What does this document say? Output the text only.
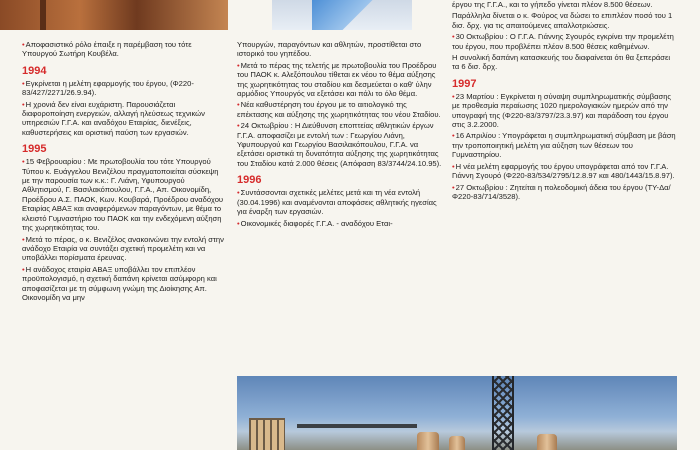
• Αποφασιστικό ρόλο έπαιξε η παρέμβαση του τότε Υπουργού Σωτήρη Κουβέλα.

1994

• Εγκρίνεται η μελέτη εφαρμογής του έργου, (Φ220-83/427/2271/26.9.94).

• Η χρονιά δεν είναι ευχάριστη. Παρουσιάζεται διαφοροποίηση ενεργειών, αλλαγή ηλεύσεως τεχνικών υπηρεσιών Γ.Γ.Α. και αναδόχου Εταιρίας, διενέξεις, καθυστερήσεις και οριστική παύση των εργασιών.

1995

• 15 Φεβρουαρίου : Με πρωτοβουλία του τότε Υπουργού Τύπου κ. Ευάγγελου Βενιζέλου πραγματοποιείται σύσκεψη με την παρουσία των κ.κ.: Γ. Λιάνη, Υφυπουργού Αθλητισμού, Γ. Βασιλακόπουλου, Γ.Γ.Α., Απ. Οικονομίδη, Προέδρου Α.Σ. ΠΑΟΚ, Κων. Κουβαρά, Προέδρου αναδόχου Εταιρίας ΑΒΑΞ και αναφερόμενων παραγόντων, με θέμα το κλειστό Γυμναστήριο του ΠΑΟΚ και την ενδεχόμενη αύξηση της χωρητικότητας του.

• Μετά το πέρας, ο κ. Βενιζέλος ανακοινώνει την εντολή στην ανάδοχο Εταιρία να συντάξει σχετική προμελέτη και να υποβάλλει πορίσματα έρευνας.

• Η ανάδοχος εταιρία ΑΒΑΞ υποβάλλει τον επιπλέον προϋπολογισμό, η σχετική δαπάνη κρίνεται ασύμφορη και αποφασίζεται με τη σύμφωνη γνώμη της Διοίκησης Απ. Οικονομίδη να μην

Υπουργών, παραγόντων και αθλητών, προστίθεται στο ιστορικό του γηπέδου.

• Μετά το πέρας της τελετής με πρωτοβουλία του Προέδρου του ΠΑΟΚ κ. Αλεξόπουλου τίθεται εκ νέου το θέμα αύξησης της χωρητικότητας του σταδίου και δεσμεύεται ο καθ' ύλην αρμόδιος Υπουργός να εξετάσει και πάλι το όλο θέμα.

• Νέα καθυστέρηση του έργου με το αιτιολογικό της επέκτασης και αύξησης της χωρητικότητας του νέου Σταδίου.

• 24 Οκτωβρίου : Η Διεύθυνση εποπτείας αθλητικών έργων Γ.Γ.Α. αποφασίζει με εντολή των : Γεωργίου Λιάνη, Υφυπουργού και Γεωργίου Βασιλακόπουλου, Γ.Γ.Α. να εξετάσει οριστικά τη δυνατότητα αύξησης της χωρητικότητας του Σταδίου κατά 2.000 θέσεις (Απόφαση 83/3744/24.10.95).

1996

• Συντάσσονται σχετικές μελέτες μετά και τη νέα εντολή (30.04.1996) και αναμένονται αποφάσεις αθλητικής ηγεσίας για έναρξη των εργασιών.

• Οικονομικές διαφορές Γ.Γ.Α. - αναδόχου Εται-

έργου της Γ.Γ.Α., και το γήπεδο γίνεται πλέον 8.500 θέσεων.

Παράλληλα δίνεται ο κ. Φούρος να δώσει το επιπλέον ποσό του 1 δισ. δρχ. για τις απαιτούμενες απαλλοτριώσεις.

• 30 Οκτωβρίου : Ο Γ.Γ.Α. Γιάννης Σγουρός εγκρίνει την προμελέτη του έργου, που προβλέπει πλέον 8.500 θέσεις καθημένων.

Η συνολική δαπάνη κατασκευής του διαφαίνεται ότι θα ξεπεράσει τα 6 δισ. δρχ.

1997

• 23 Μαρτίου : Εγκρίνεται η σύναψη συμπληρωματικής σύμβασης με προθεσμία περαίωσης 1020 ημερολογιακών ημερών από την υπογραφή της (Φ220-83/3797/23.3.97) και παράδοση του έργου στις 3.2.2000.

• 16 Απριλίου : Υπογράφεται η συμπληρωματική σύμβαση με βάση την τροποποιητική μελέτη για αύξηση των θέσεων του Γυμναστηρίου.

• Η νέα μελέτη εφαρμογής του έργου υπογράφεται από τον Γ.Γ.Α. Γιάννη Σγουρό (Φ220-83/534/2795/12.8.97 και 480/1443/15.8.97).

• 27 Οκτωβρίου : Ζητείται η πολεοδομική άδεια του έργου (ΤΥ-Δα/Φ220-83/714/3528).
